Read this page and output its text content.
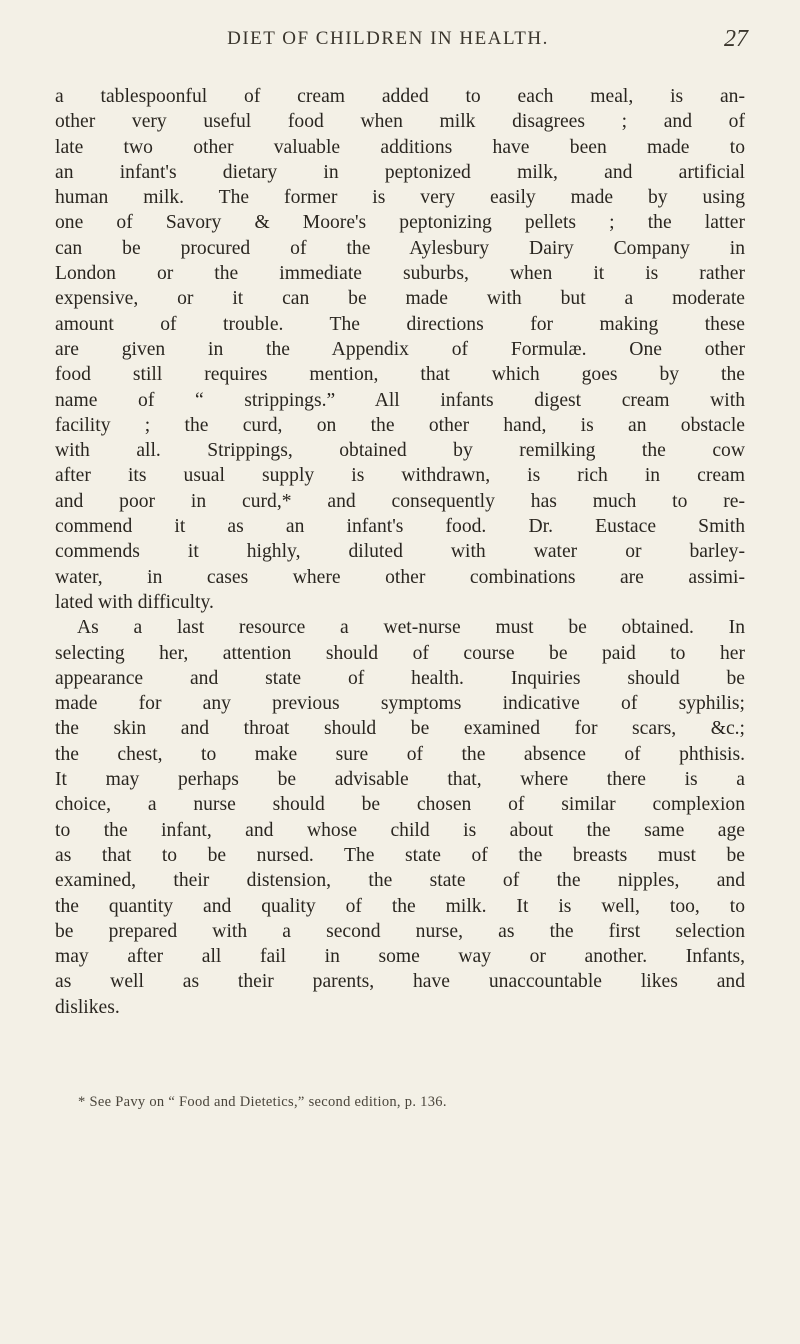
DIET OF CHILDREN IN HEALTH.	27
a tablespoonful of cream added to each meal, is an-
other very useful food when milk disagrees ; and of
late two other valuable additions have been made to
an infant's dietary in peptonized milk, and artificial
human milk. The former is very easily made by using
one of Savory & Moore's peptonizing pellets ; the latter
can be procured of the Aylesbury Dairy Company in
London or the immediate suburbs, when it is rather
expensive, or it can be made with but a moderate
amount of trouble. The directions for making these
are given in the Appendix of Formulæ. One other
food still requires mention, that which goes by the
name of “ strippings.” All infants digest cream with
facility ; the curd, on the other hand, is an obstacle
with all. Strippings, obtained by remilking the cow
after its usual supply is withdrawn, is rich in cream
and poor in curd,* and consequently has much to re-
commend it as an infant's food. Dr. Eustace Smith
commends it highly, diluted with water or barley-
water, in cases where other combinations are assimi-
lated with difficulty.
As a last resource a wet-nurse must be obtained. In
selecting her, attention should of course be paid to her
appearance and state of health. Inquiries should be
made for any previous symptoms indicative of syphilis;
the skin and throat should be examined for scars, &c.;
the chest, to make sure of the absence of phthisis.
It may perhaps be advisable that, where there is a
choice, a nurse should be chosen of similar complexion
to the infant, and whose child is about the same age
as that to be nursed. The state of the breasts must be
examined, their distension, the state of the nipples, and
the quantity and quality of the milk. It is well, too, to
be prepared with a second nurse, as the first selection
may after all fail in some way or another. Infants,
as well as their parents, have unaccountable likes and
dislikes.
* See Pavy on “ Food and Dietetics,” second edition, p. 136.
